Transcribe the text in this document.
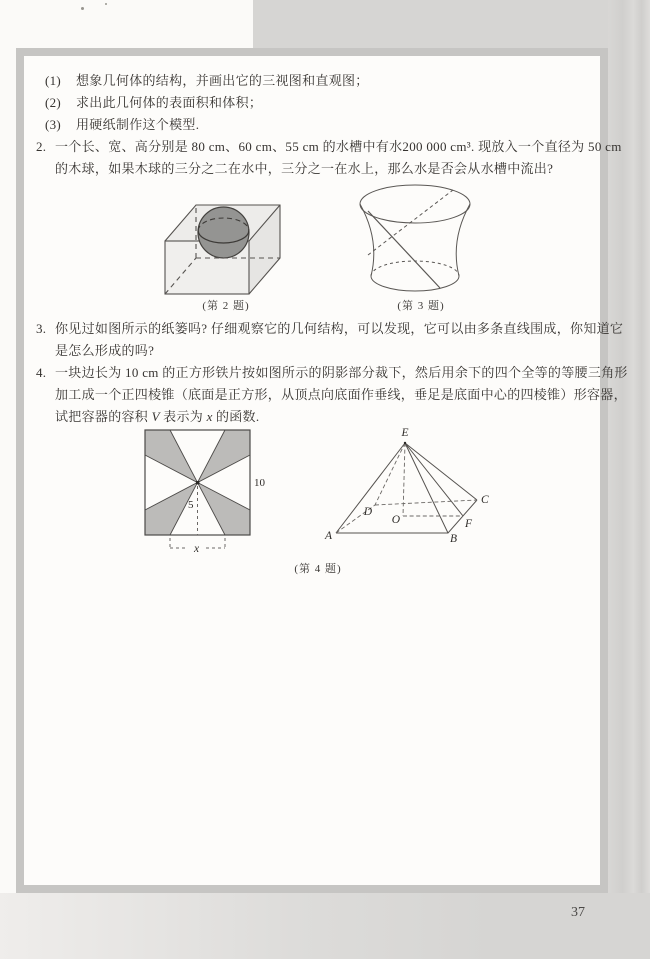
(1) 想象几何体的结构，并画出它的三视图和直观图；
(2) 求出此几何体的表面积和体积；
(3) 用硬纸制作这个模型.
2. 一个长、宽、高分别是 80 cm、60 cm、55 cm 的水槽中有水200 000 cm³. 现放入一个直径为 50 cm
的木球，如果木球的三分之二在水中，三分之一在水上，那么水是否会从水槽中流出?
(第 2 题)	(第 3 题)
3. 你见过如图所示的纸篓吗? 仔细观察它的几何结构，可以发现，它可以由多条直线围成，你知道它
是怎么形成的吗?
4. 一块边长为 10 cm 的正方形铁片按如图所示的阴影部分裁下，然后用余下的四个全等的等腰三角形
加工成一个正四棱锥（底面是正方形，从顶点向底面作垂线，垂足是底面中心的四棱锥）形容器，
试把容器的容积 V 表示为 x 的函数.
10
5
x
E
A	B
C
D
O	F
(第 4 题)
37
